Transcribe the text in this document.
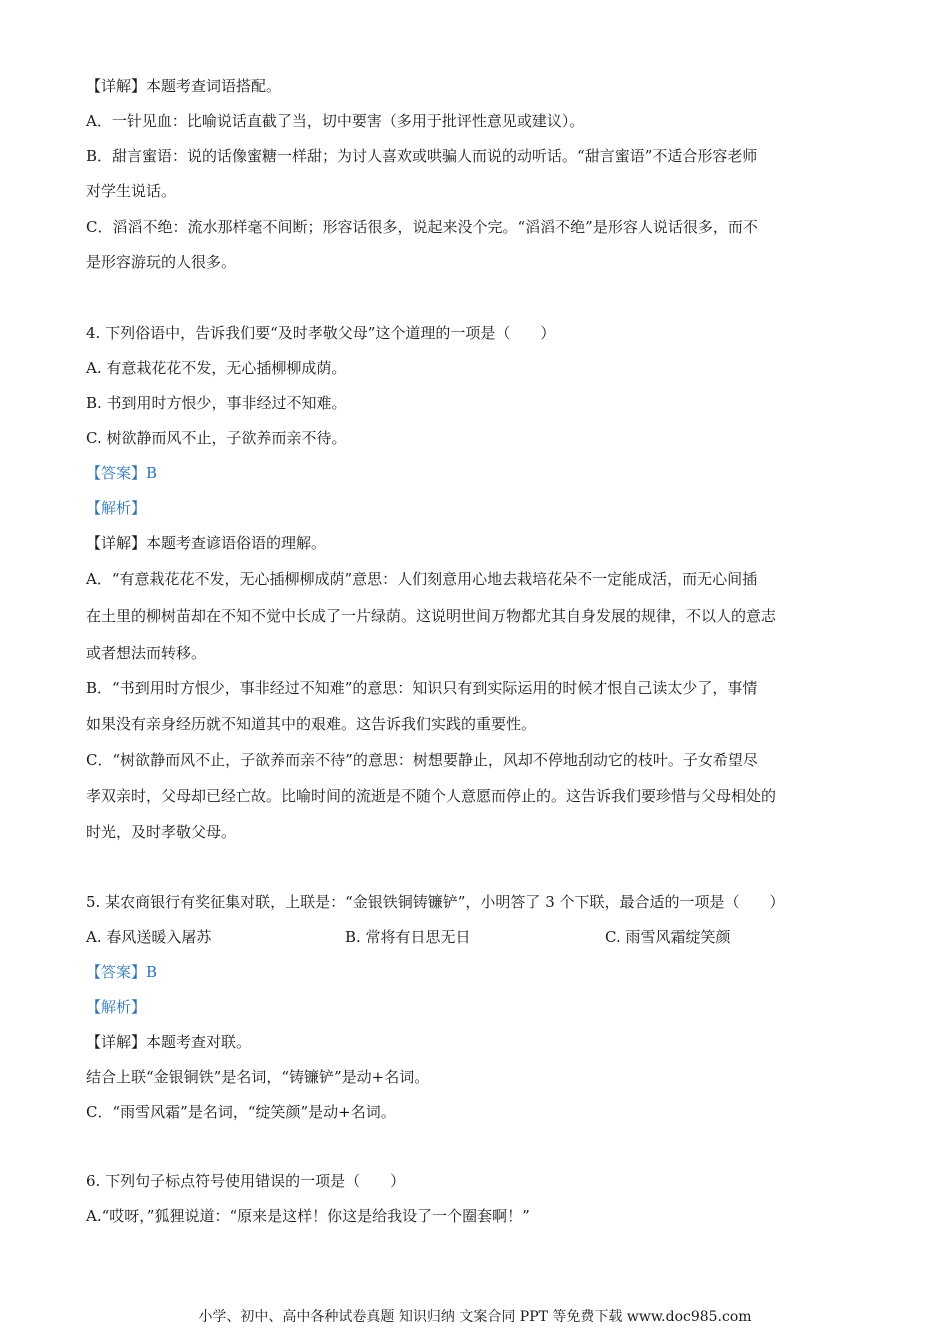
【详解】本题考查词语搭配。
A．一针见血：比喻说话直截了当，切中要害（多用于批评性意见或建议）。
B．甜言蜜语：说的话像蜜糖一样甜；为讨人喜欢或哄骗人而说的动听话。“甜言蜜语”不适合形容老师
对学生说话。
C．滔滔不绝：流水那样毫不间断；形容话很多，说起来没个完。“滔滔不绝”是形容人说话很多，而不
是形容游玩的人很多。
4. 下列俗语中，告诉我们要“及时孝敬父母”这个道理的一项是（　　）
A. 有意栽花花不发，无心插柳柳成荫。
B. 书到用时方恨少，事非经过不知难。
C. 树欲静而风不止，子欲养而亲不待。
【答案】B
【解析】
【详解】本题考查谚语俗语的理解。
A．“有意栽花花不发，无心插柳柳成荫”意思：人们刻意用心地去栽培花朵不一定能成活，而无心间插
在土里的柳树苗却在不知不觉中长成了一片绿荫。这说明世间万物都尤其自身发展的规律，不以人的意志
或者想法而转移。
B．“书到用时方恨少，事非经过不知难”的意思：知识只有到实际运用的时候才恨自己读太少了，事情
如果没有亲身经历就不知道其中的艰难。这告诉我们实践的重要性。
C．“树欲静而风不止，子欲养而亲不待”的意思：树想要静止，风却不停地刮动它的枝叶。子女希望尽
孝双亲时，父母却已经亡故。比喻时间的流逝是不随个人意愿而停止的。这告诉我们要珍惜与父母相处的
时光，及时孝敬父母。
5. 某农商银行有奖征集对联，上联是：“金银铁铜铸镰铲”，小明答了 3 个下联，最合适的一项是（　　）
A. 春风送暖入屠苏	B. 常将有日思无日	C. 雨雪风霜绽笑颜
【答案】B
【解析】
【详解】本题考查对联。
结合上联“金银铜铁”是名词，“铸镰铲”是动+名词。
C．“雨雪风霜”是名词，“绽笑颜”是动+名词。
6. 下列句子标点符号使用错误的一项是（　　）
A.“哎呀，”狐狸说道：“原来是这样！你这是给我设了一个圈套啊！”
小学、初中、高中各种试卷真题 知识归纳 文案合同 PPT 等免费下载 www.doc985.com
